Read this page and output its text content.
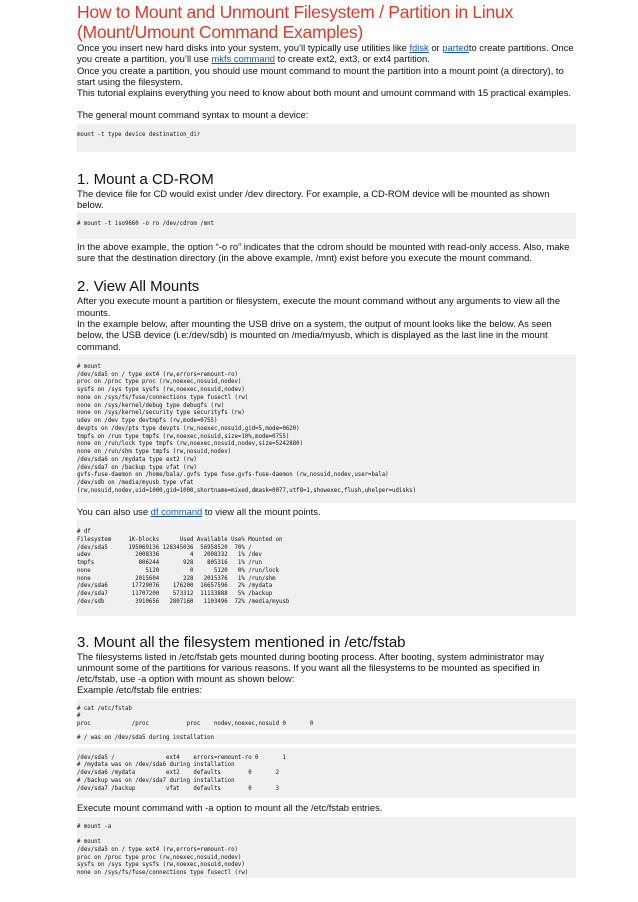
How to Mount and Unmount Filesystem / Partition in Linux (Mount/Umount Command Examples)

Once you insert new hard disks into your system, you’ll typically use utilities like fdisk or partedto create partitions. Once you create a partition, you’ll use mkfs command to create ext2, ext3, or ext4 partition.

Once you create a partition, you should use mount command to mount the partition into a mount point (a directory), to start using the filesystem.

This tutorial explains everything you need to know about both mount and umount command with 15 practical examples.

The general mount command syntax to mount a device:

mount -t type device destination_dir
1. Mount a CD-ROM

The device file for CD would exist under /dev directory. For example, a CD-ROM device will be mounted as shown below.

# mount -t iso9660 -o ro /dev/cdrom /mnt

In the above example, the option “-o ro” indicates that the cdrom should be mounted with read-only access. Also, make sure that the destination directory (in the above example, /mnt) exist before you execute the mount command.

2. View All Mounts

After you execute mount a partition or filesystem, execute the mount command without any arguments to view all the mounts.

In the example below, after mounting the USB drive on a system, the output of mount looks like the below. As seen below, the USB device (i.e:/dev/sdb) is mounted on /media/myusb, which is displayed as the last line in the mount command.

# mount
/dev/sda5 on / type ext4 (rw,errors=remount-ro)
proc on /proc type proc (rw,noexec,nosuid,nodev)
sysfs on /sys type sysfs (rw,noexec,nosuid,nodev)
none on /sys/fs/fuse/connections type fusectl (rw)
none on /sys/kernel/debug type debugfs (rw)
none on /sys/kernel/security type securityfs (rw)
udev on /dev type devtmpfs (rw,mode=0755)
devpts on /dev/pts type devpts (rw,noexec,nosuid,gid=5,mode=0620)
tmpfs on /run type tmpfs (rw,noexec,nosuid,size=10%,mode=0755)
none on /run/lock type tmpfs (rw,noexec,nosuid,nodev,size=5242880)
none on /run/shm type tmpfs (rw,nosuid,nodev)
/dev/sda6 on /mydata type ext2 (rw)
/dev/sda7 on /backup type vfat (rw)
gvfs-fuse-daemon on /home/bala/.gvfs type fuse.gvfs-fuse-daemon (rw,nosuid,nodev,user=bala)
/dev/sdb on /media/myusb type vfat
(rw,nosuid,nodev,uid=1000,gid=1000,shortname=mixed,dmask=0077,utf8=1,showexec,flush,uhelper=udisks)

You can also use df command to view all the mount points.

# df
Filesystem     1K-blocks      Used Available Use% Mounted on
/dev/sda5      195069136 128345036  56958520  70% /
udev             2008336         4   2008332   1% /dev
tmpfs             806244       928    805316   1% /run
none                5120         0      5120   0% /run/lock
none             2015604       228   2015376   1% /run/shm
/dev/sda6       17729076    176200  16657596   2% /mydata
/dev/sda7       11707200    573312  11133888   5% /backup
/dev/sdb         3910656   2807160   1103496  72% /media/myusb
3. Mount all the filesystem mentioned in /etc/fstab

The filesystems listed in /etc/fstab gets mounted during booting process. After booting, system administrator may unmount some of the partitions for various reasons. If you want all the filesystems to be mounted as specified in /etc/fstab, use -a option with mount as shown below:

Example /etc/fstab file entries:

# cat /etc/fstab
#
proc            /proc           proc    nodev,noexec,nosuid 0       0
# / was on /dev/sda5 during installation
/dev/sda5 /               ext4    errors=remount-ro 0       1
# /mydata was on /dev/sda6 during installation
/dev/sda6 /mydata         ext2    defaults        0       2
# /backup was on /dev/sda7 during installation
/dev/sda7 /backup         vfat    defaults        0       3

Execute mount command with -a option to mount all the /etc/fstab entries.

# mount -a

# mount
/dev/sda5 on / type ext4 (rw,errors=remount-ro)
proc on /proc type proc (rw,noexec,nosuid,nodev)
sysfs on /sys type sysfs (rw,noexec,nosuid,nodev)
none on /sys/fs/fuse/connections type fusectl (rw)
